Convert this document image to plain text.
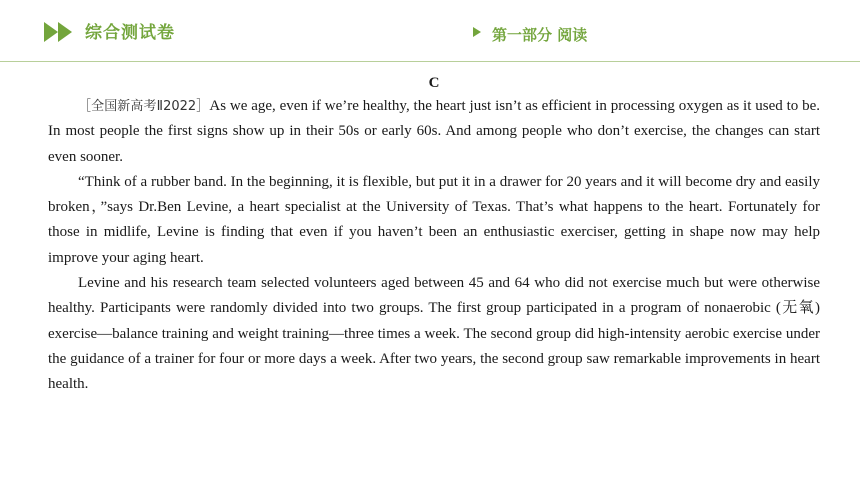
综合测试卷	第一部分 阅读

C

［全国新高考Ⅱ2022］As we age, even if we’re healthy, the heart just isn’t as efficient in processing oxygen as it used to be. In most people the first signs show up in their 50s or early 60s. And among people who don’t exercise, the changes can start even sooner.

“Think of a rubber band. In the beginning, it is flexible, but put it in a drawer for 20 years and it will become dry and easily broken，”says Dr.Ben Levine, a heart specialist at the University of Texas. That’s what happens to the heart. Fortunately for those in midlife, Levine is finding that even if you haven’t been an enthusiastic exerciser, getting in shape now may help improve your aging heart.

Levine and his research team selected volunteers aged between 45 and 64 who did not exercise much but were otherwise healthy. Participants were randomly divided into two groups. The first group participated in a program of nonaerobic (无氧) exercise—balance training and weight training—three times a week. The second group did high-intensity aerobic exercise under the guidance of a trainer for four or more days a week. After two years, the second group saw remarkable improvements in heart health.
